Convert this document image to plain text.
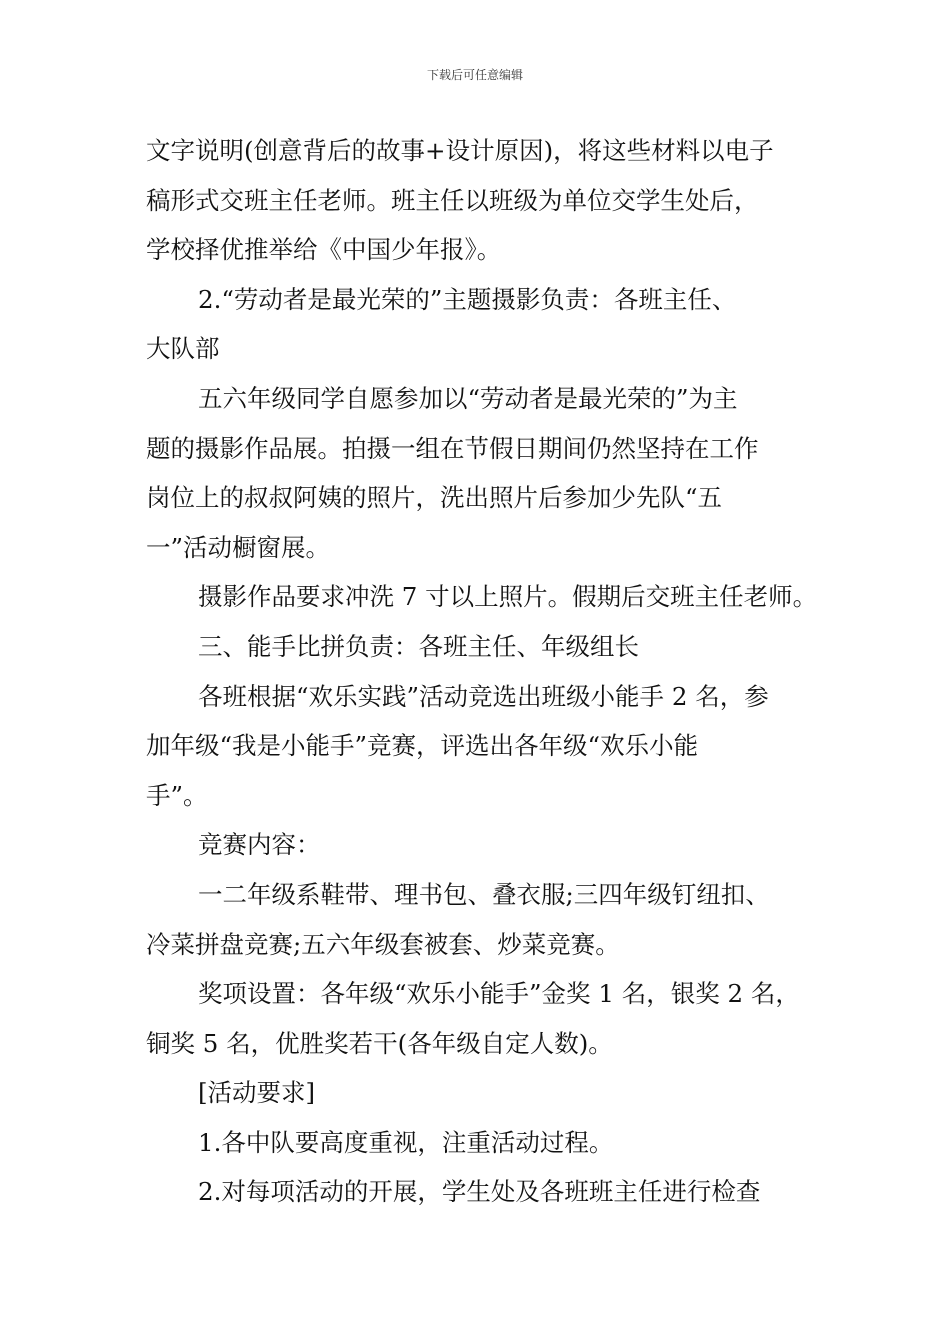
下载后可任意编辑
文字说明(创意背后的故事+设计原因)，将这些材料以电子
稿形式交班主任老师。班主任以班级为单位交学生处后，
学校择优推举给《中国少年报》。
2.“劳动者是最光荣的”主题摄影负责：各班主任、
大队部
五六年级同学自愿参加以“劳动者是最光荣的”为主
题的摄影作品展。拍摄一组在节假日期间仍然坚持在工作
岗位上的叔叔阿姨的照片，洗出照片后参加少先队“五
一”活动橱窗展。
摄影作品要求冲洗 7 寸以上照片。假期后交班主任老师。
三、能手比拼负责：各班主任、年级组长
各班根据“欢乐实践”活动竞选出班级小能手 2 名，参
加年级“我是小能手”竞赛，评选出各年级“欢乐小能
手”。
竞赛内容：
一二年级系鞋带、理书包、叠衣服;三四年级钉纽扣、
冷菜拼盘竞赛;五六年级套被套、炒菜竞赛。
奖项设置：各年级“欢乐小能手”金奖 1 名，银奖 2 名，
铜奖 5 名，优胜奖若干(各年级自定人数)。
[活动要求]
1.各中队要高度重视，注重活动过程。
2.对每项活动的开展，学生处及各班班主任进行检查
